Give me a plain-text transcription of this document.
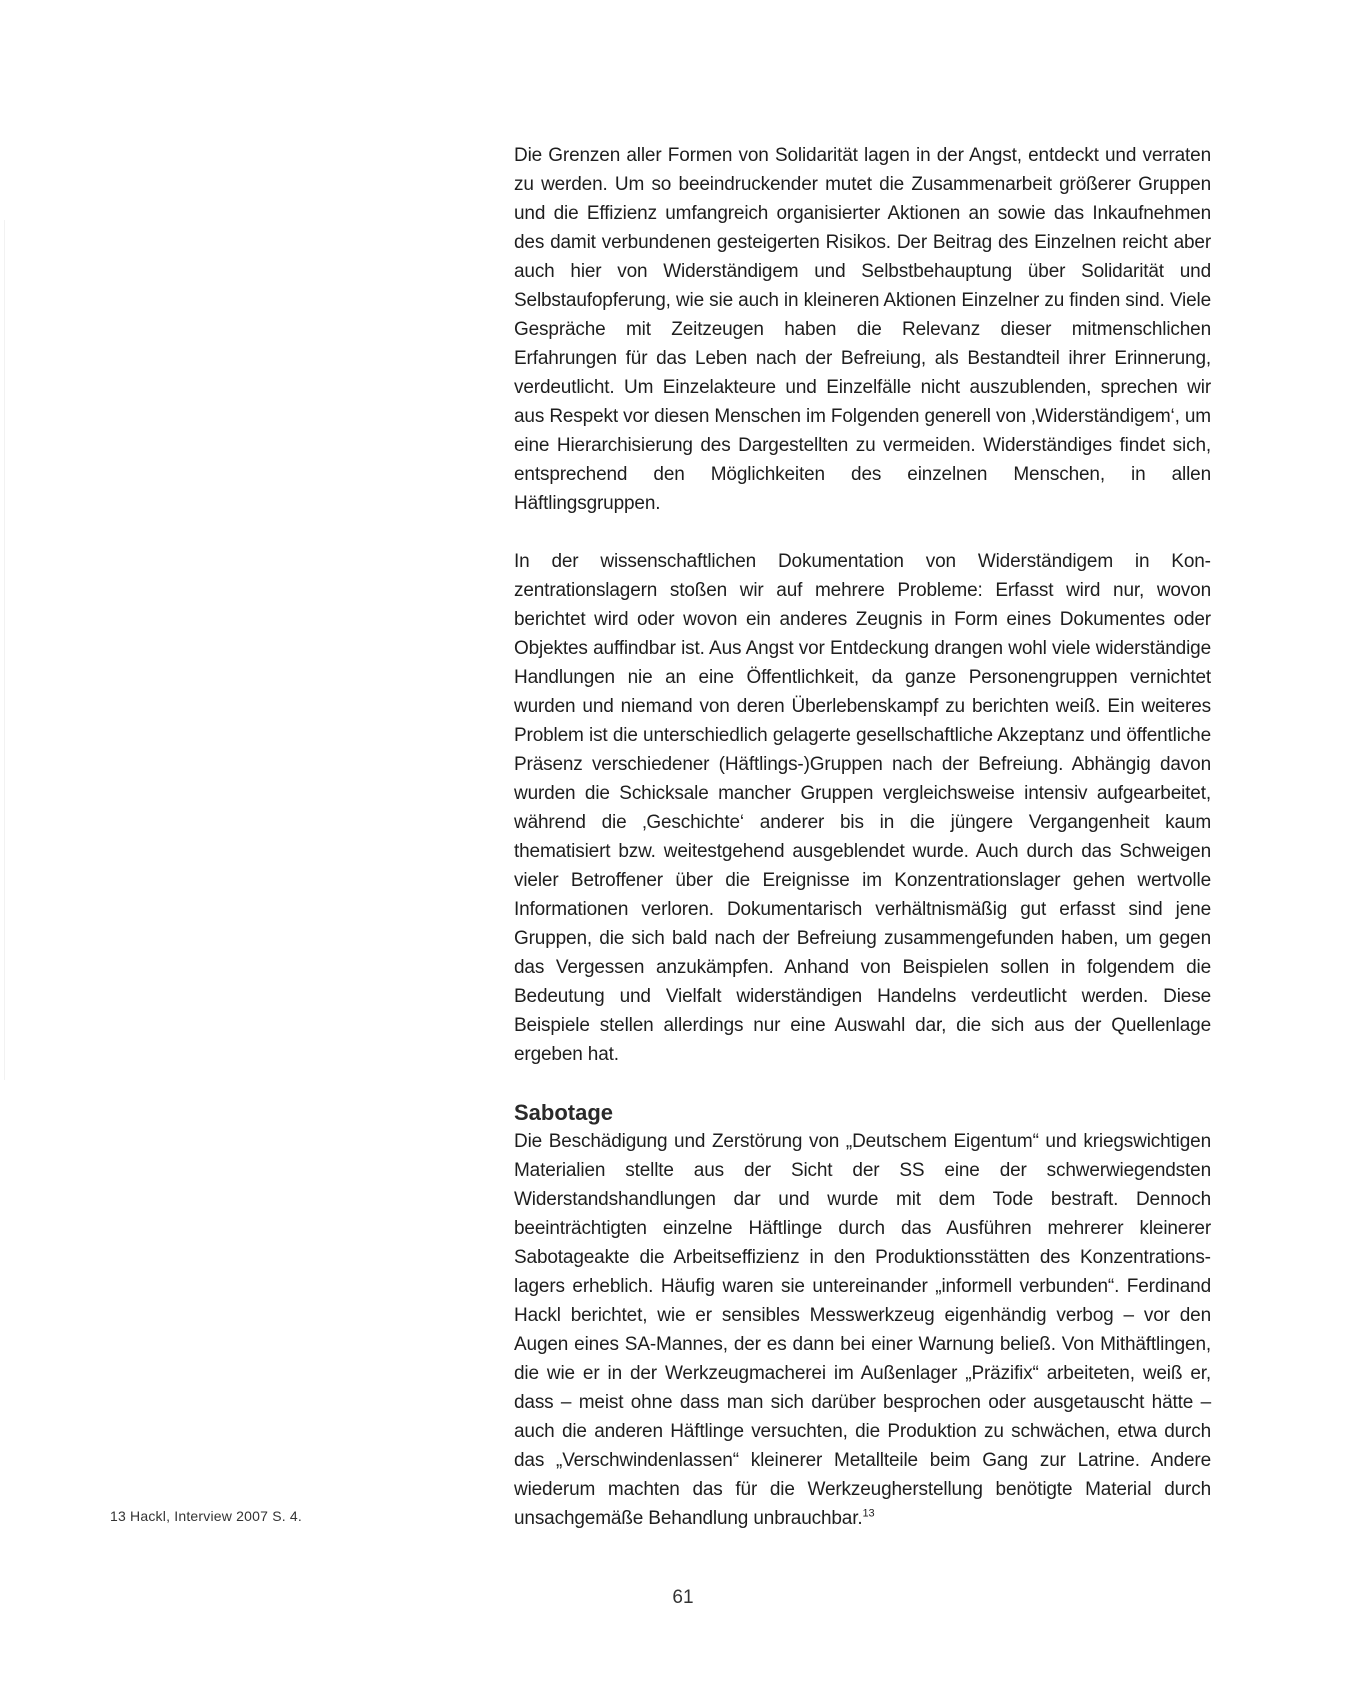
Die Grenzen aller Formen von Solidarität lagen in der Angst, entdeckt und verraten zu werden. Um so beeindruckender mutet die Zusammenarbeit größerer Gruppen und die Effizienz umfangreich organisierter Aktionen an sowie das Inkaufnehmen des damit verbundenen gesteigerten Risikos. Der Beitrag des Einzelnen reicht aber auch hier von Widerständigem und Selbstbehauptung über Solidarität und Selbstaufopferung, wie sie auch in kleineren Aktionen Einzelner zu finden sind. Viele Gespräche mit Zeitzeugen haben die Relevanz dieser mitmenschlichen Erfahrungen für das Leben nach der Befreiung, als Bestandteil ihrer Erinnerung, verdeutlicht. Um Einzelakteure und Einzelfälle nicht auszublenden, sprechen wir aus Respekt vor diesen Menschen im Folgenden generell von ‚Widerständigem‘, um eine Hierarchisierung des Dargestellten zu vermeiden. Widerständiges findet sich, entsprechend den Möglichkeiten des einzelnen Menschen, in allen Häftlingsgruppen.

In der wissenschaftlichen Dokumentation von Widerständigem in Konzentrationslagern stoßen wir auf mehrere Probleme: Erfasst wird nur, wovon berichtet wird oder wovon ein anderes Zeugnis in Form eines Dokumentes oder Objektes auffindbar ist. Aus Angst vor Entdeckung drangen wohl viele widerständige Handlungen nie an eine Öffentlichkeit, da ganze Personengruppen vernichtet wurden und niemand von deren Überlebenskampf zu berichten weiß. Ein weiteres Problem ist die unterschiedlich gelagerte gesellschaftliche Akzeptanz und öffentliche Präsenz verschiedener (Häftlings-)Gruppen nach der Befreiung. Abhängig davon wurden die Schicksale mancher Gruppen vergleichsweise intensiv aufgearbeitet, während die ‚Geschichte‘ anderer bis in die jüngere Vergangenheit kaum thematisiert bzw. weitestgehend ausgeblendet wurde. Auch durch das Schweigen vieler Betroffener über die Ereignisse im Konzentrationslager gehen wertvolle Informationen verloren. Dokumentarisch verhältnismäßig gut erfasst sind jene Gruppen, die sich bald nach der Befreiung zusammengefunden haben, um gegen das Vergessen anzukämpfen. Anhand von Beispielen sollen in folgendem die Bedeutung und Vielfalt widerständigen Handelns verdeutlicht werden. Diese Beispiele stellen allerdings nur eine Auswahl dar, die sich aus der Quellenlage ergeben hat.

Sabotage

Die Beschädigung und Zerstörung von „Deutschem Eigentum“ und kriegswichtigen Materialien stellte aus der Sicht der SS eine der schwerwiegendsten Widerstandshandlungen dar und wurde mit dem Tode bestraft. Dennoch beeinträchtigten einzelne Häftlinge durch das Ausführen mehrerer kleinerer Sabotageakte die Arbeitseffizienz in den Produktionsstätten des Konzentrationslagers erheblich. Häufig waren sie untereinander „informell verbunden“. Ferdinand Hackl berichtet, wie er sensibles Messwerkzeug eigenhändig verbog – vor den Augen eines SA-Mannes, der es dann bei einer Warnung beließ. Von Mithäftlingen, die wie er in der Werkzeugmacherei im Außenlager „Präzifix“ arbeiteten, weiß er, dass – meist ohne dass man sich darüber besprochen oder ausgetauscht hätte – auch die anderen Häftlinge versuchten, die Produktion zu schwächen, etwa durch das „Verschwindenlassen“ kleinerer Metallteile beim Gang zur Latrine. Andere wiederum machten das für die Werkzeugherstellung benötigte Material durch unsachgemäße Behandlung unbrauchbar.$^{13}$

13 Hackl, Interview 2007 S. 4.
61
